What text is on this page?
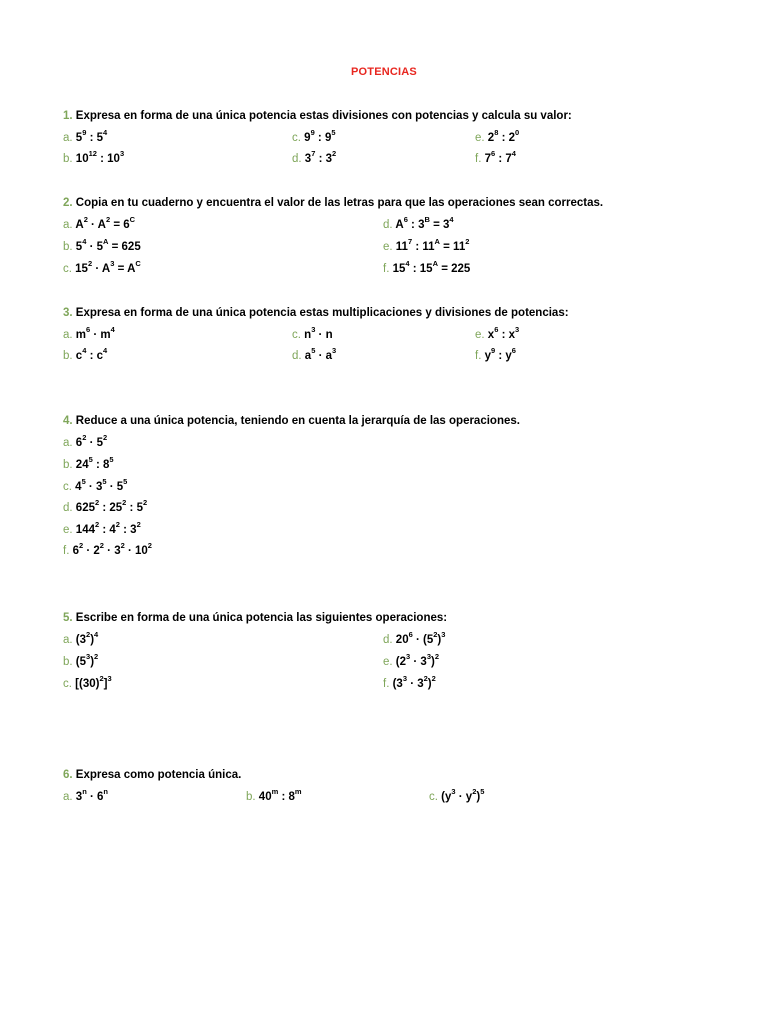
POTENCIAS
1. Expresa en forma de una única potencia estas divisiones con potencias y calcula su valor:
a. $5^9$ : $5^4$
b. $10^{12}$ : $10^3$
c. $9^9$ : $9^5$
d. $3^7$ : $3^2$
e. $2^8$ : $2^0$
f. $7^6$ : $7^4$
2. Copia en tu cuaderno y encuentra el valor de las letras para que las operaciones sean correctas.
a. $A^2 \cdot A^2 = 6^C$
b. $5^4 \cdot 5^A = 625$
c. $15^2 \cdot A^3 = A^C$
d. $A^6$ : $3^B = 3^4$
e. $11^7$ : $11^A = 11^2$
f. $15^4$ : $15^A = 225$
3. Expresa en forma de una única potencia estas multiplicaciones y divisiones de potencias:
a. $m^6 \cdot m^4$
b. $c^4$ : $c^4$
c. $n^3 \cdot n$
d. $a^5 \cdot a^3$
e. $x^6$ : $x^3$
f. $y^9$ : $y^6$
4. Reduce a una única potencia, teniendo en cuenta la jerarquía de las operaciones.
a. $6^2 \cdot 5^2$
b. $24^5$ : $8^5$
c. $4^5 \cdot 3^5 \cdot 5^5$
d. $625^2$ : $25^2$ : $5^2$
e. $144^2$ : $4^2$ : $3^2$
f. $6^2 \cdot 2^2 \cdot 3^2 \cdot 10^2$
5. Escribe en forma de una única potencia las siguientes operaciones:
a. $(3^2)^4$
b. $(5^3)^2$
c. $[(30)^2]^3$
d. $20^6 \cdot (5^2)^3$
e. $(2^3 \cdot 3^3)^2$
f. $(3^3 \cdot 3^2)^2$
6. Expresa como potencia única.
a. $3^n \cdot 6^n$	b. 40$^m$ : 8$^m$	c. $(y^3 \cdot y^2)^5$
